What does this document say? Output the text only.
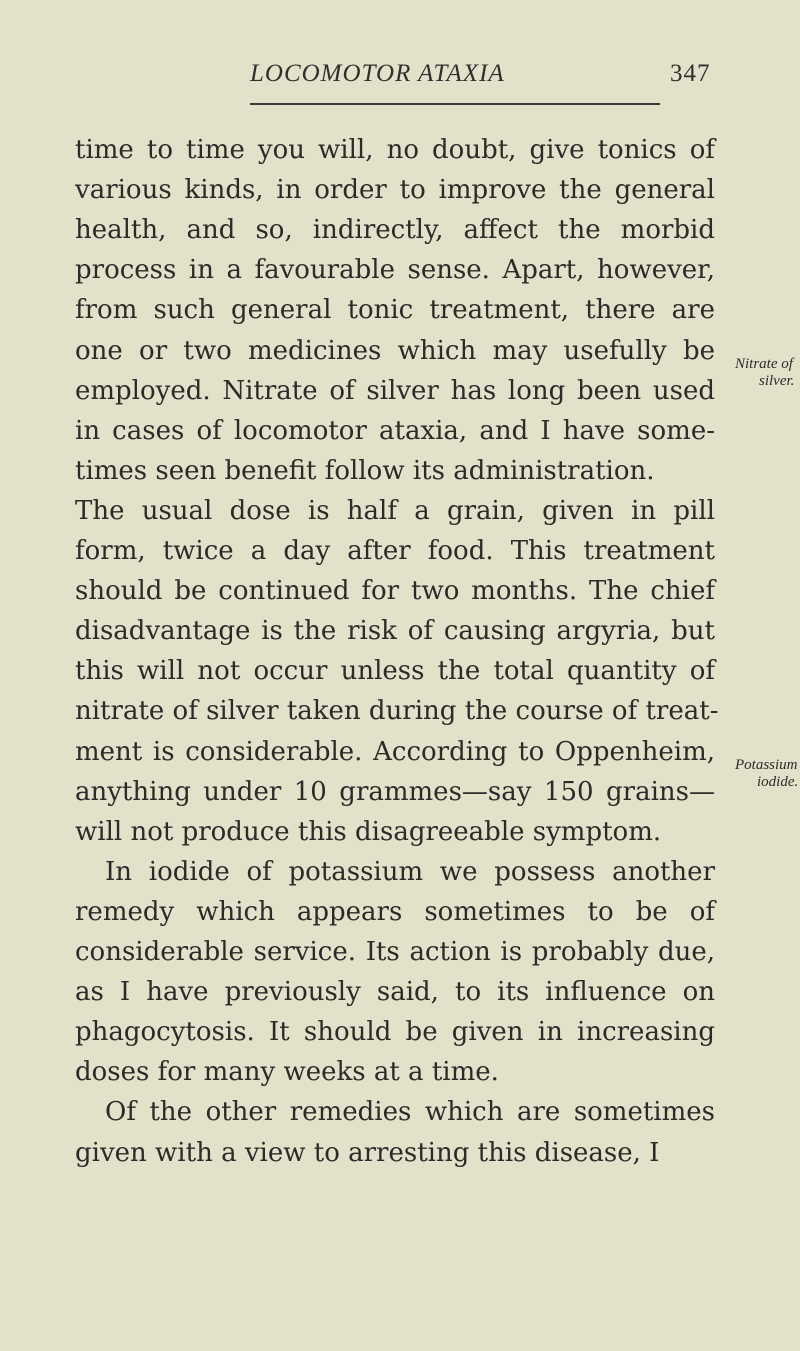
LOCOMOTOR ATAXIA	347
time to time you will, no doubt, give tonics of
various kinds, in order to improve the general
health, and so, indirectly, affect the morbid
process in a favourable sense. Apart, however,
from such general tonic treatment, there are
one or two medicines which may usefully be
employed. Nitrate of silver has long been used
in cases of locomotor ataxia, and I have some-
times seen benefit follow its administration.
The usual dose is half a grain, given in pill
form, twice a day after food. This treatment
should be continued for two months. The chief
disadvantage is the risk of causing argyria, but
this will not occur unless the total quantity of
nitrate of silver taken during the course of treat-
ment is considerable. According to Oppenheim,
anything under 10 grammes—say 150 grains—
will not produce this disagreeable symptom.
In iodide of potassium we possess another
remedy which appears sometimes to be of
considerable service. Its action is probably due,
as I have previously said, to its influence on
phagocytosis. It should be given in increasing
doses for many weeks at a time.
Of the other remedies which are sometimes
given with a view to arresting this disease, I
Nitrate of
silver.
Potassium
iodide.
